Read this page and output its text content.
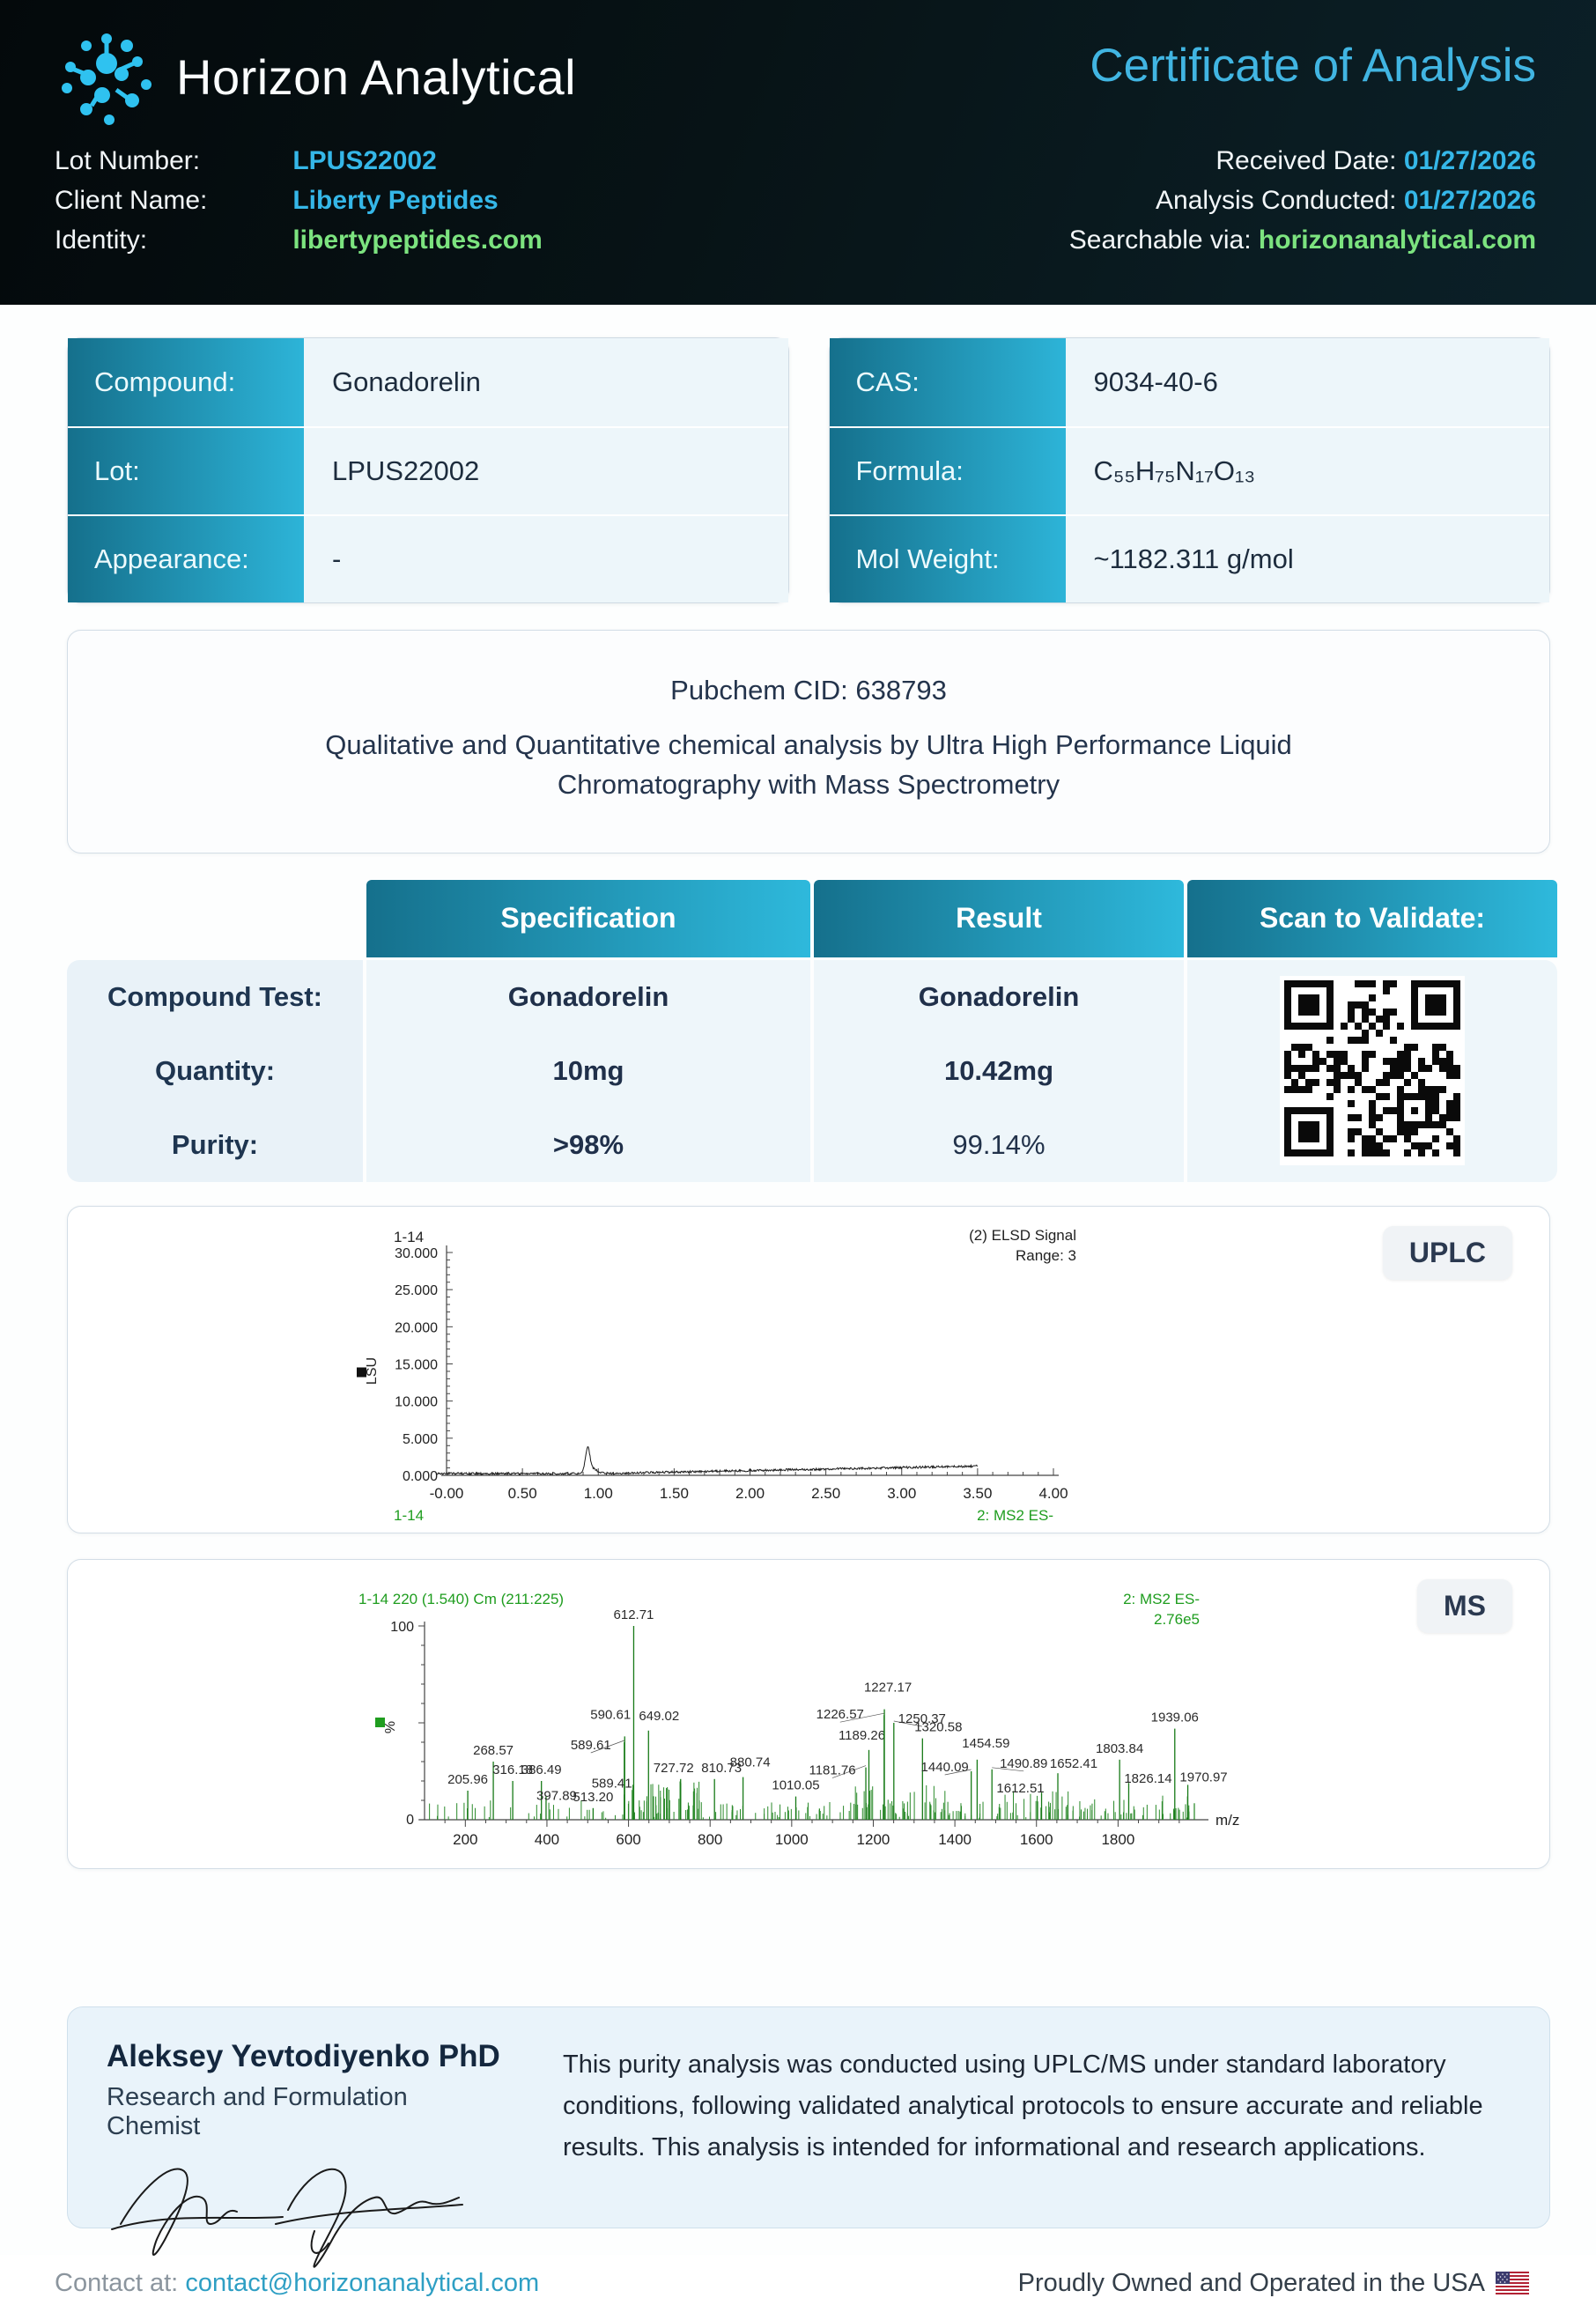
Horizon Analytical	Certificate of Analysis
Lot Number:	LPUS22002
Client Name:	Liberty Peptides
Identity:	libertypeptides.com
Received Date: 01/27/2026
Analysis Conducted: 01/27/2026
Searchable via: horizonanalytical.com
Compound:	Gonadorelin
Lot:	LPUS22002
Appearance:	-
CAS:	9034-40-6
Formula:	C₅₅H₇₅N₁₇O₁₃
Mol Weight:	~1182.311 g/mol
Pubchem CID: 638793
Qualitative and Quantitative chemical analysis by Ultra High Performance Liquid Chromatography with Mass Spectrometry
Specification	Result	Scan to Validate:
Compound Test:	Gonadorelin	Gonadorelin
Quantity:	10mg	10.42mg
Purity:	>98%	99.14%
1-14	(2) ELSD Signal
Range: 3
0.000
5.000
10.000
15.000
20.000
25.000
30.000
-0.00	0.50	1.00	1.50	2.00	2.50	3.00	3.50	4.00
LSU
1-14	2: MS2 ES-
UPLC
1-14 220 (1.540) Cm (211:225)	2: MS2 ES-
2.76e5
100
0
%
200	400	600	800	1000	1200	1400	1600	1800
m/z
205.96
268.57
316.18
386.49
397.89
513.20
589.41
589.61
590.61
612.71
649.02
727.72 810.73
880.74
1010.05
1181.76
1189.26
1226.57
1227.17
1250.37
1320.58
1440.09
1454.59
1490.89
1612.51
1652.41
1803.84
1826.14
1939.06
1970.97
MS
Aleksey Yevtodiyenko PhD
Research and Formulation Chemist
This purity analysis was conducted using UPLC/MS under standard laboratory conditions, following validated analytical protocols to ensure accurate and reliable results. This analysis is intended for informational and research applications.
Contact at: contact@horizonanalytical.com	Proudly Owned and Operated in the USA
